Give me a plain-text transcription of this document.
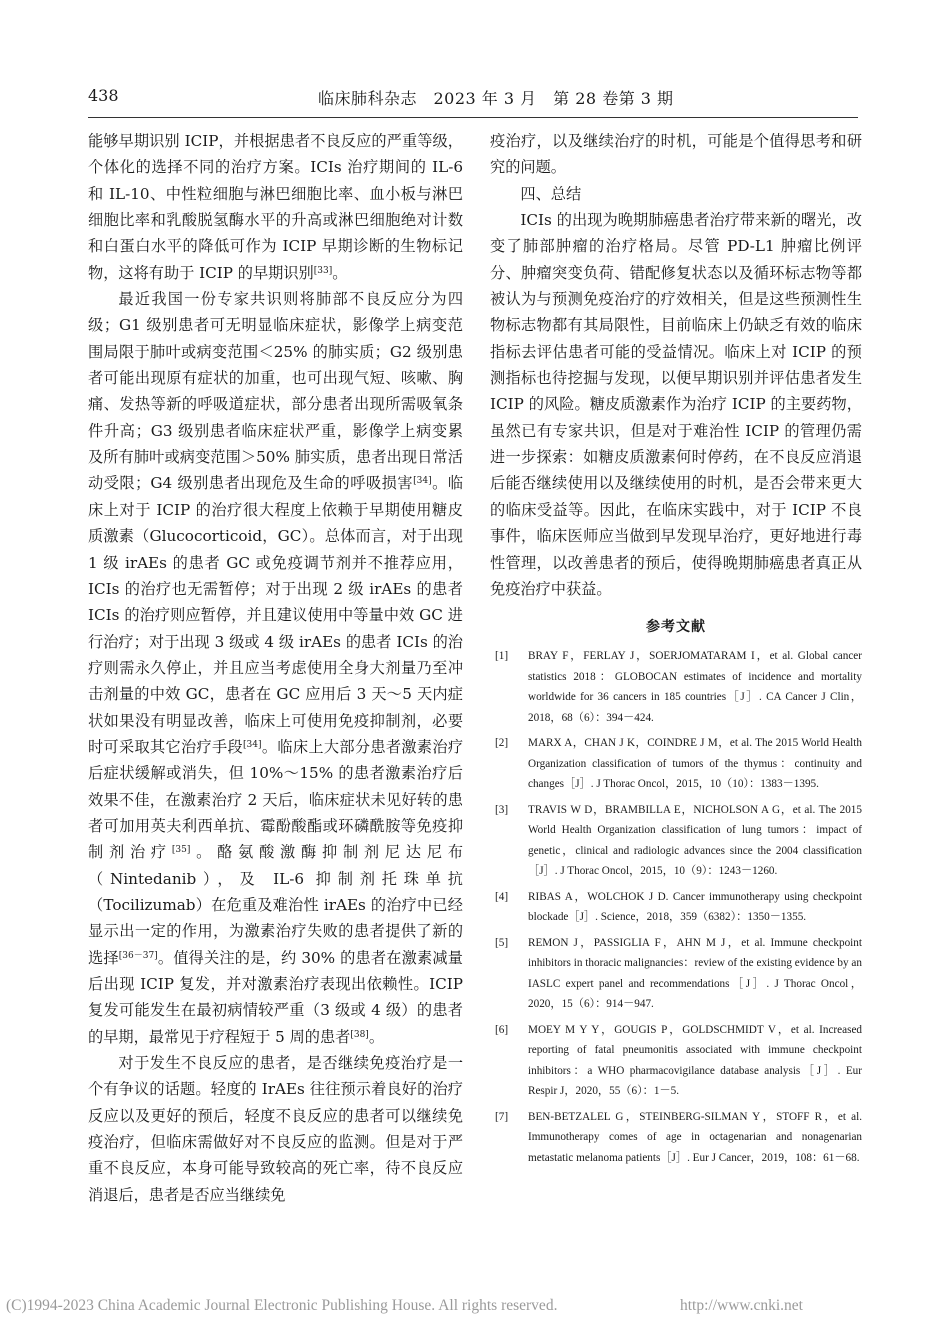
438	临床肺科杂志　2023 年 3 月　第 28 卷第 3 期

能够早期识别 ICIP，并根据患者不良反应的严重等级，个体化的选择不同的治疗方案。ICIs 治疗期间的 IL-6 和 IL-10、中性粒细胞与淋巴细胞比率、血小板与淋巴细胞比率和乳酸脱氢酶水平的升高或淋巴细胞绝对计数和白蛋白水平的降低可作为 ICIP 早期诊断的生物标记物，这将有助于 ICIP 的早期识别[33]。

最近我国一份专家共识则将肺部不良反应分为四级；G1 级别患者可无明显临床症状，影像学上病变范围局限于肺叶或病变范围＜25% 的肺实质；G2 级别患者可能出现原有症状的加重，也可出现气短、咳嗽、胸痛、发热等新的呼吸道症状，部分患者出现所需吸氧条件升高；G3 级别患者临床症状严重，影像学上病变累及所有肺叶或病变范围＞50% 肺实质，患者出现日常活动受限；G4 级别患者出现危及生命的呼吸损害[34]。临床上对于 ICIP 的治疗很大程度上依赖于早期使用糖皮质激素（Glucocorticoid，GC）。总体而言，对于出现 1 级 irAEs 的患者 GC 或免疫调节剂并不推荐应用，ICIs 的治疗也无需暂停；对于出现 2 级 irAEs 的患者 ICIs 的治疗则应暂停，并且建议使用中等量中效 GC 进行治疗；对于出现 3 级或 4 级 irAEs 的患者 ICIs 的治疗则需永久停止，并且应当考虑使用全身大剂量乃至冲击剂量的中效 GC，患者在 GC 应用后 3 天～5 天内症状如果没有明显改善，临床上可使用免疫抑制剂，必要时可采取其它治疗手段[34]。临床上大部分患者激素治疗后症状缓解或消失，但 10%～15% 的患者激素治疗后效果不佳，在激素治疗 2 天后，临床症状未见好转的患者可加用英夫利西单抗、霉酚酸酯或环磷酰胺等免疫抑制剂治疗[35]。酪氨酸激酶抑制剂尼达尼布（Nintedanib），及 IL-6 抑制剂托珠单抗（Tocilizumab）在危重及难治性 irAEs 的治疗中已经显示出一定的作用，为激素治疗失败的患者提供了新的选择[36－37]。值得关注的是，约 30% 的患者在激素减量后出现 ICIP 复发，并对激素治疗表现出依赖性。ICIP 复发可能发生在最初病情较严重（3 级或 4 级）的患者的早期，最常见于疗程短于 5 周的患者[38]。

对于发生不良反应的患者，是否继续免疫治疗是一个有争议的话题。轻度的 IrAEs 往往预示着良好的治疗反应以及更好的预后，轻度不良反应的患者可以继续免疫治疗，但临床需做好对不良反应的监测。但是对于严重不良反应，本身可能导致较高的死亡率，待不良反应消退后，患者是否应当继续免

疫治疗，以及继续治疗的时机，可能是个值得思考和研究的问题。

四、总结

ICIs 的出现为晚期肺癌患者治疗带来新的曙光，改变了肺部肿瘤的治疗格局。尽管 PD-L1 肿瘤比例评分、肿瘤突变负荷、错配修复状态以及循环标志物等都被认为与预测免疫治疗的疗效相关，但是这些预测性生物标志物都有其局限性，目前临床上仍缺乏有效的临床指标去评估患者可能的受益情况。临床上对 ICIP 的预测指标也待挖掘与发现，以便早期识别并评估患者发生 ICIP 的风险。糖皮质激素作为治疗 ICIP 的主要药物，虽然已有专家共识，但是对于难治性 ICIP 的管理仍需进一步探索：如糖皮质激素何时停药，在不良反应消退后能否继续使用以及继续使用的时机，是否会带来更大的临床受益等。因此，在临床实践中，对于 ICIP 不良事件，临床医师应当做到早发现早治疗，更好地进行毒性管理，以改善患者的预后，使得晚期肺癌患者真正从免疫治疗中获益。

参考文献
[1] BRAY F，FERLAY J，SOERJOMATARAM I，et al. Global cancer statistics 2018：GLOBOCAN estimates of incidence and mortality worldwide for 36 cancers in 185 countries［J］. CA Cancer J Clin，2018，68（6）：394－424.
[2] MARX A，CHAN J K，COINDRE J M，et al. The 2015 World Health Organization classification of tumors of the thymus：continuity and changes［J］. J Thorac Oncol，2015，10（10）：1383－1395.
[3] TRAVIS W D，BRAMBILLA E，NICHOLSON A G，et al. The 2015 World Health Organization classification of lung tumors：impact of genetic，clinical and radiologic advances since the 2004 classification［J］. J Thorac Oncol，2015，10（9）：1243－1260.
[4] RIBAS A，WOLCHOK J D. Cancer immunotherapy using checkpoint blockade［J］. Science，2018，359（6382）：1350－1355.
[5] REMON J，PASSIGLIA F，AHN M J，et al. Immune checkpoint inhibitors in thoracic malignancies：review of the existing evidence by an IASLC expert panel and recommendations［J］. J Thorac Oncol，2020，15（6）：914－947.
[6] MOEY M Y Y，GOUGIS P，GOLDSCHMIDT V，et al. Increased reporting of fatal pneumonitis associated with immune checkpoint inhibitors：a WHO pharmacovigilance database analysis［J］. Eur Respir J，2020，55（6）：1－5.
[7] BEN-BETZALEL G，STEINBERG-SILMAN Y，STOFF R，et al. Immunotherapy comes of age in octagenarian and nonagenarian metastatic melanoma patients［J］. Eur J Cancer，2019，108：61－68.
(C)1994-2023 China Academic Journal Electronic Publishing House. All rights reserved.	http://www.cnki.net
